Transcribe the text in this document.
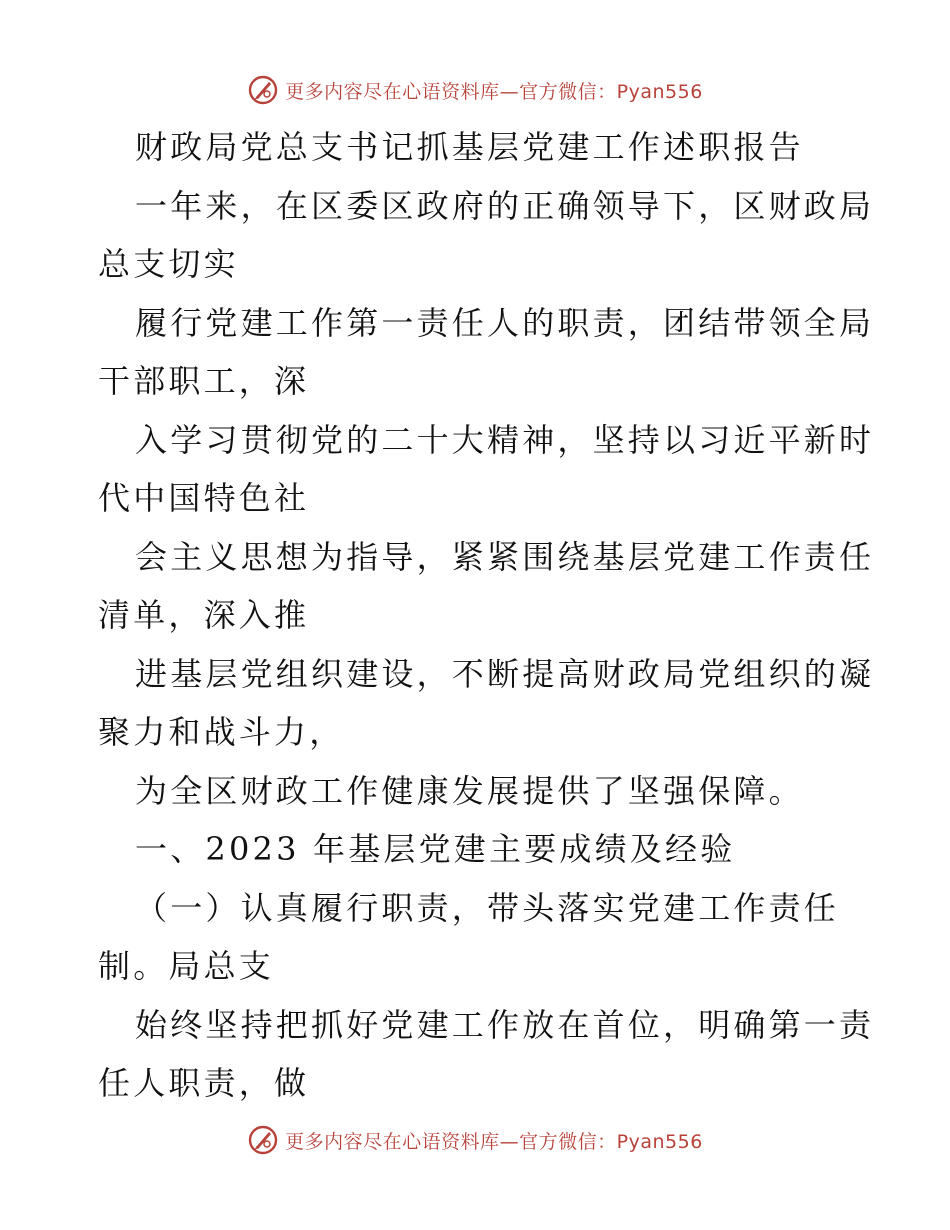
更多内容尽在心语资料库—官方微信：Pyan556
财政局党总支书记抓基层党建工作述职报告
一年来，在区委区政府的正确领导下，区财政局
总支切实
履行党建工作第一责任人的职责，团结带领全局
干部职工，深
入学习贯彻党的二十大精神，坚持以习近平新时
代中国特色社
会主义思想为指导，紧紧围绕基层党建工作责任
清单，深入推
进基层党组织建设，不断提高财政局党组织的凝
聚力和战斗力，
为全区财政工作健康发展提供了坚强保障。
一、2023 年基层党建主要成绩及经验
（一）认真履行职责，带头落实党建工作责任
制。局总支
始终坚持把抓好党建工作放在首位，明确第一责
任人职责，做
更多内容尽在心语资料库—官方微信：Pyan556
